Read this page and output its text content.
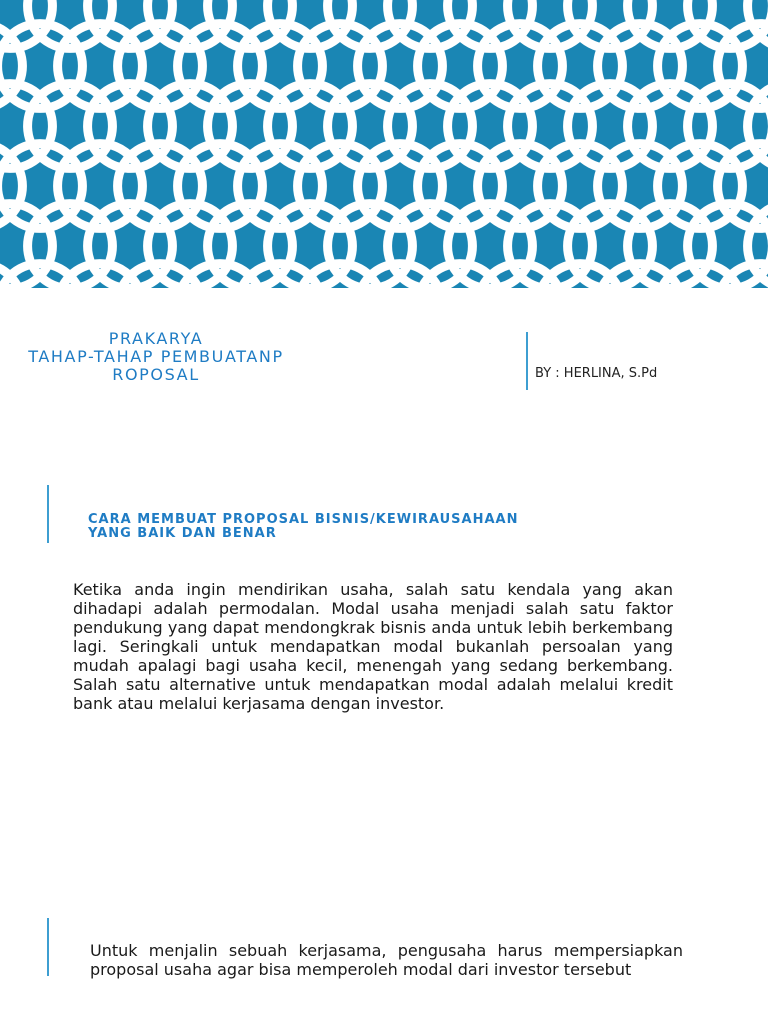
PRAKARYA
TAHAP-TAHAP PEMBUATANP
ROPOSAL	BY : HERLINA, S.Pd
CARA MEMBUAT PROPOSAL BISNIS/KEWIRAUSAHAAN
YANG BAIK DAN BENAR

Ketika anda ingin mendirikan usaha, salah satu kendala yang akan dihadapi adalah permodalan. Modal usaha menjadi salah satu faktor pendukung yang dapat mendongkrak bisnis anda untuk lebih berkembang lagi. Seringkali untuk mendapatkan modal bukanlah persoalan yang mudah apalagi bagi usaha kecil, menengah yang sedang berkembang. Salah satu alternative untuk mendapatkan modal adalah melalui kredit bank atau melalui kerjasama dengan investor.

Untuk menjalin sebuah kerjasama, pengusaha harus mempersiapkan proposal usaha agar bisa memperoleh modal dari investor tersebut
